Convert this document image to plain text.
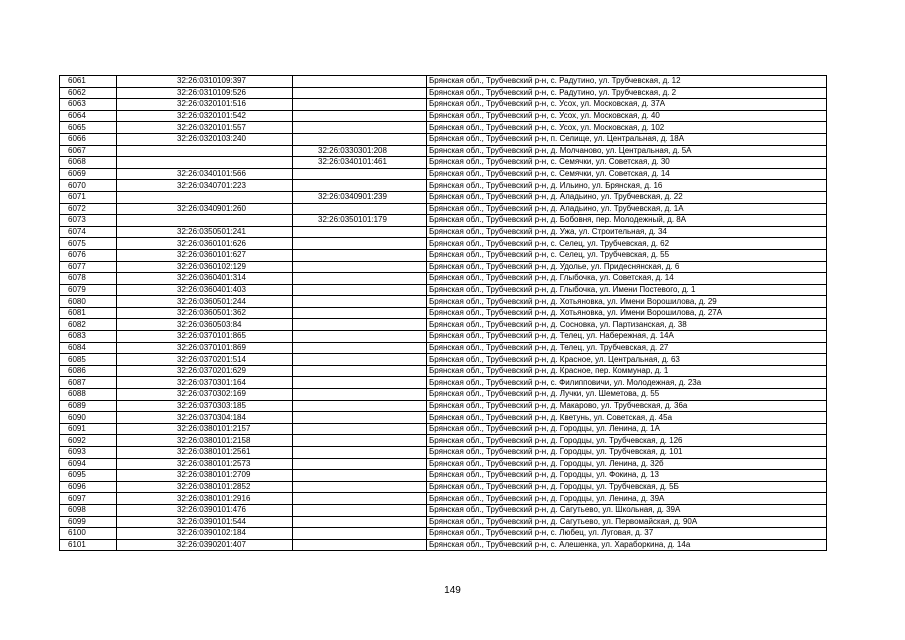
6061	32:26:0310109:397		Брянская обл., Трубчевский р-н, с. Радутино, ул. Трубчевская, д. 12
6062	32:26:0310109:526		Брянская обл., Трубчевский р-н, с. Радутино, ул. Трубчевская, д. 2
6063	32:26:0320101:516		Брянская обл., Трубчевский р-н, с. Усох, ул. Московская, д. 37А
6064	32:26:0320101:542		Брянская обл., Трубчевский р-н, с. Усох, ул. Московская, д. 40
6065	32:26:0320101:557		Брянская обл., Трубчевский р-н, с. Усох, ул. Московская, д. 102
6066	32:26:0320103:240		Брянская обл., Трубчевский р-н, п. Селище, ул. Центральная, д. 18А
6067		32:26:0330301:208	Брянская обл., Трубчевский р-н, д. Молчаново, ул. Центральная, д. 5А
6068		32:26:0340101:461	Брянская обл., Трубчевский р-н, с. Семячки, ул. Советская, д. 30
6069	32:26:0340101:566		Брянская обл., Трубчевский р-н, с. Семячки, ул. Советская, д. 14
6070	32:26:0340701:223		Брянская обл., Трубчевский р-н, д. Ильино, ул. Брянская, д. 16
6071		32:26:0340901:239	Брянская обл., Трубчевский р-н, д. Аладьино, ул. Трубчевская, д. 22
6072	32:26:0340901:260		Брянская обл., Трубчевский р-н, д. Аладьино, ул. Трубчевская, д. 1А
6073		32:26:0350101:179	Брянская обл., Трубчевский р-н, д. Бобовня, пер. Молодежный, д. 8А
6074	32:26:0350501:241		Брянская обл., Трубчевский р-н, д. Ужа, ул. Строительная, д. 34
6075	32:26:0360101:626		Брянская обл., Трубчевский р-н, с. Селец, ул. Трубчевская, д. 62
6076	32:26:0360101:627		Брянская обл., Трубчевский р-н, с. Селец, ул. Трубчевская, д. 55
6077	32:26:0360102:129		Брянская обл., Трубчевский р-н, д. Удолье, ул. Придеснянская, д. 6
6078	32:26:0360401:314		Брянская обл., Трубчевский р-н, д. Глыбочка, ул. Советская, д. 14
6079	32:26:0360401:403		Брянская обл., Трубчевский р-н, д. Глыбочка, ул. Имени Постевого, д. 1
6080	32:26:0360501:244		Брянская обл., Трубчевский р-н, д. Хотьяновка, ул. Имени Ворошилова, д. 29
6081	32:26:0360501:362		Брянская обл., Трубчевский р-н, д. Хотьяновка, ул. Имени Ворошилова, д. 27А
6082	32:26:0360503:84		Брянская обл., Трубчевский р-н, д. Сосновка, ул. Партизанская, д. 38
6083	32:26:0370101:865		Брянская обл., Трубчевский р-н, д. Телец, ул. Набережная, д. 14А
6084	32:26:0370101:869		Брянская обл., Трубчевский р-н, д. Телец, ул. Трубчевская, д. 27
6085	32:26:0370201:514		Брянская обл., Трубчевский р-н, д. Красное, ул. Центральная, д. 63
6086	32:26:0370201:629		Брянская обл., Трубчевский р-н, д. Красное, пер. Коммунар, д. 1
6087	32:26:0370301:164		Брянская обл., Трубчевский р-н, с. Филипповичи, ул. Молодежная, д. 23а
6088	32:26:0370302:169		Брянская обл., Трубчевский р-н, д. Лучки, ул. Шеметова, д. 55
6089	32:26:0370303:185		Брянская обл., Трубчевский р-н, д. Макарово, ул. Трубчевская, д. 36а
6090	32:26:0370304:184		Брянская обл., Трубчевский р-н, д. Кветунь, ул. Советская, д. 45а
6091	32:26:0380101:2157		Брянская обл., Трубчевский р-н, д. Городцы, ул. Ленина, д. 1А
6092	32:26:0380101:2158		Брянская обл., Трубчевский р-н, д. Городцы, ул. Трубчевская, д. 126
6093	32:26:0380101:2561		Брянская обл., Трубчевский р-н, д. Городцы, ул. Трубчевская, д. 101
6094	32:26:0380101:2573		Брянская обл., Трубчевский р-н, д. Городцы, ул. Ленина, д. 32б
6095	32:26:0380101:2709		Брянская обл., Трубчевский р-н, д. Городцы, ул. Фокина, д. 13
6096	32:26:0380101:2852		Брянская обл., Трубчевский р-н, д. Городцы, ул. Трубчевская, д. 5Б
6097	32:26:0380101:2916		Брянская обл., Трубчевский р-н, д. Городцы, ул. Ленина, д. 39А
6098	32:26:0390101:476		Брянская обл., Трубчевский р-н, д. Сагутьево, ул. Школьная, д. 39А
6099	32:26:0390101:544		Брянская обл., Трубчевский р-н, д. Сагутьево, ул. Первомайская, д. 90А
6100	32:26:0390102:184		Брянская обл., Трубчевский р-н, с. Любец, ул. Луговая, д. 37
6101	32:26:0390201:407		Брянская обл., Трубчевский р-н, с. Алешенка, ул. Хараборкина, д. 14а
149
